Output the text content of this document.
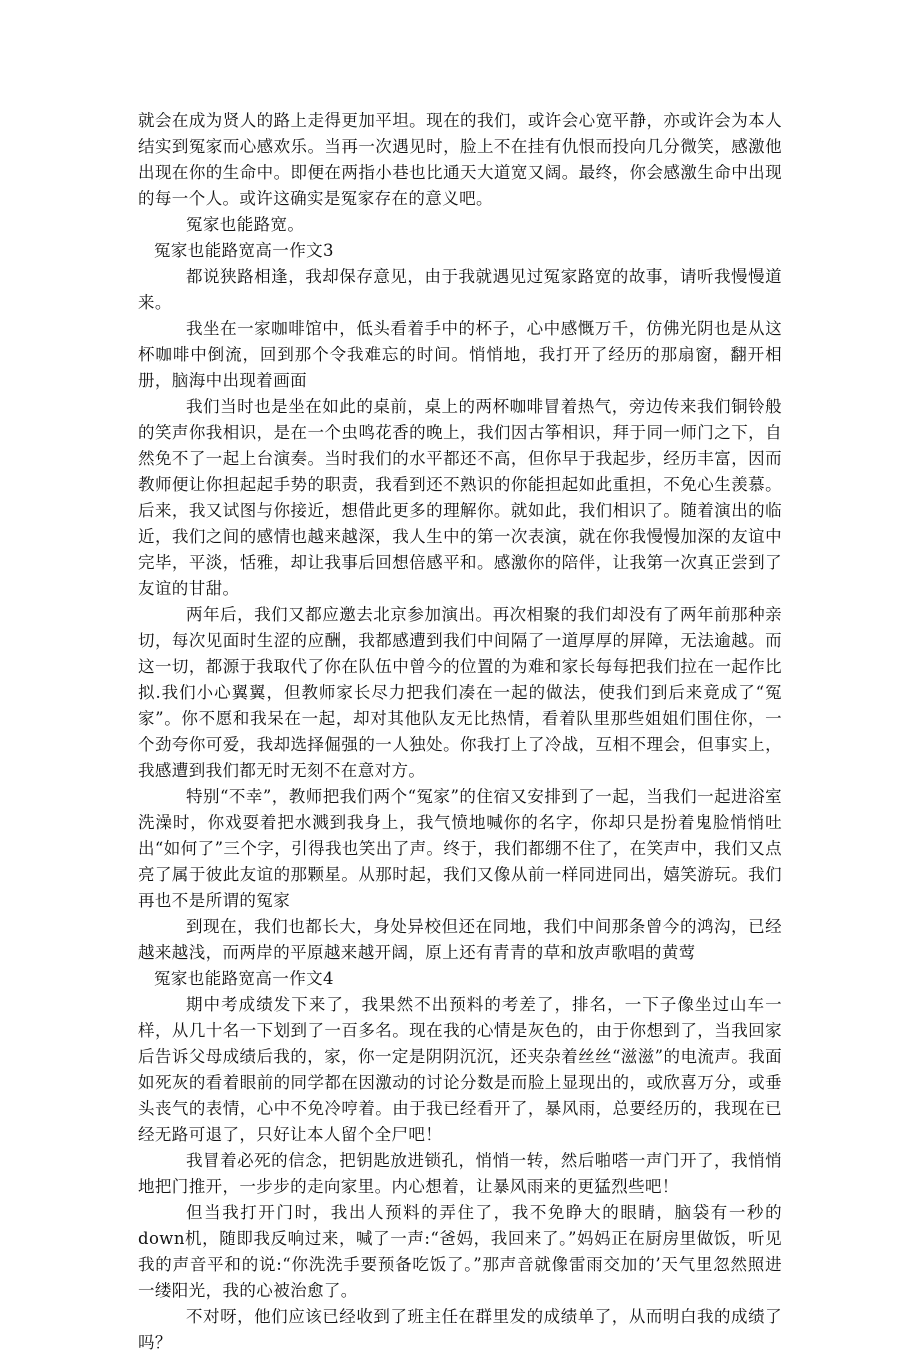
就会在成为贤人的路上走得更加平坦。现在的我们，或许会心宽平静，亦或许会为本人结实到冤家而心感欢乐。当再一次遇见时，脸上不在挂有仇恨而投向几分微笑，感激他出现在你的生命中。即便在两指小巷也比通天大道宽又阔。最终，你会感激生命中出现的每一个人。或许这确实是冤家存在的意义吧。

冤家也能路宽。

冤家也能路宽高一作文3

都说狭路相逢，我却保存意见，由于我就遇见过冤家路宽的故事，请听我慢慢道来。

我坐在一家咖啡馆中，低头看着手中的杯子，心中感慨万千，仿佛光阴也是从这杯咖啡中倒流，回到那个令我难忘的时间。悄悄地，我打开了经历的那扇窗，翻开相册，脑海中出现着画面

我们当时也是坐在如此的桌前，桌上的两杯咖啡冒着热气，旁边传来我们铜铃般的笑声你我相识，是在一个虫鸣花香的晚上，我们因古筝相识，拜于同一师门之下，自然免不了一起上台演奏。当时我们的水平都还不高，但你早于我起步，经历丰富，因而教师便让你担起起手势的职责，我看到还不熟识的你能担起如此重担，不免心生羡慕。后来，我又试图与你接近，想借此更多的理解你。就如此，我们相识了。随着演出的临近，我们之间的感情也越来越深，我人生中的第一次表演，就在你我慢慢加深的友谊中完毕，平淡，恬雅，却让我事后回想倍感平和。感激你的陪伴，让我第一次真正尝到了友谊的甘甜。

两年后，我们又都应邀去北京参加演出。再次相聚的我们却没有了两年前那种亲切，每次见面时生涩的应酬，我都感遭到我们中间隔了一道厚厚的屏障，无法逾越。而这一切，都源于我取代了你在队伍中曾今的位置的为难和家长每每把我们拉在一起作比拟.我们小心翼翼，但教师家长尽力把我们凑在一起的做法，使我们到后来竟成了“冤家”。你不愿和我呆在一起，却对其他队友无比热情，看着队里那些姐姐们围住你，一个劲夸你可爱，我却选择倔强的一人独处。你我打上了冷战，互相不理会，但事实上，我感遭到我们都无时无刻不在意对方。

特别“不幸”，教师把我们两个“冤家”的住宿又安排到了一起，当我们一起进浴室洗澡时，你戏耍着把水溅到我身上，我气愤地喊你的名字，你却只是扮着鬼脸悄悄吐出“如何了”三个字，引得我也笑出了声。终于，我们都绷不住了，在笑声中，我们又点亮了属于彼此友谊的那颗星。从那时起，我们又像从前一样同进同出，嬉笑游玩。我们再也不是所谓的冤家

到现在，我们也都长大，身处异校但还在同地，我们中间那条曾今的鸿沟，已经越来越浅，而两岸的平原越来越开阔，原上还有青青的草和放声歌唱的黄莺

冤家也能路宽高一作文4

期中考成绩发下来了，我果然不出预料的考差了，排名，一下子像坐过山车一样，从几十名一下划到了一百多名。现在我的心情是灰色的，由于你想到了，当我回家后告诉父母成绩后我的，家，你一定是阴阴沉沉，还夹杂着丝丝“滋滋”的电流声。我面如死灰的看着眼前的同学都在因激动的讨论分数是而脸上显现出的，或欣喜万分，或垂头丧气的表情，心中不免冷哼着。由于我已经看开了，暴风雨，总要经历的，我现在已经无路可退了，只好让本人留个全尸吧！

我冒着必死的信念，把钥匙放进锁孔，悄悄一转，然后啪嗒一声门开了，我悄悄地把门推开，一步步的走向家里。内心想着，让暴风雨来的更猛烈些吧！

但当我打开门时，我出人预料的弄住了，我不免睁大的眼睛，脑袋有一秒的down机，随即我反响过来，喊了一声:“爸妈，我回来了。”妈妈正在厨房里做饭，听见我的声音平和的说:“你洗洗手要预备吃饭了。”那声音就像雷雨交加的’天气里忽然照进一缕阳光，我的心被治愈了。

不对呀，他们应该已经收到了班主任在群里发的成绩单了，从而明白我的成绩了吗？
